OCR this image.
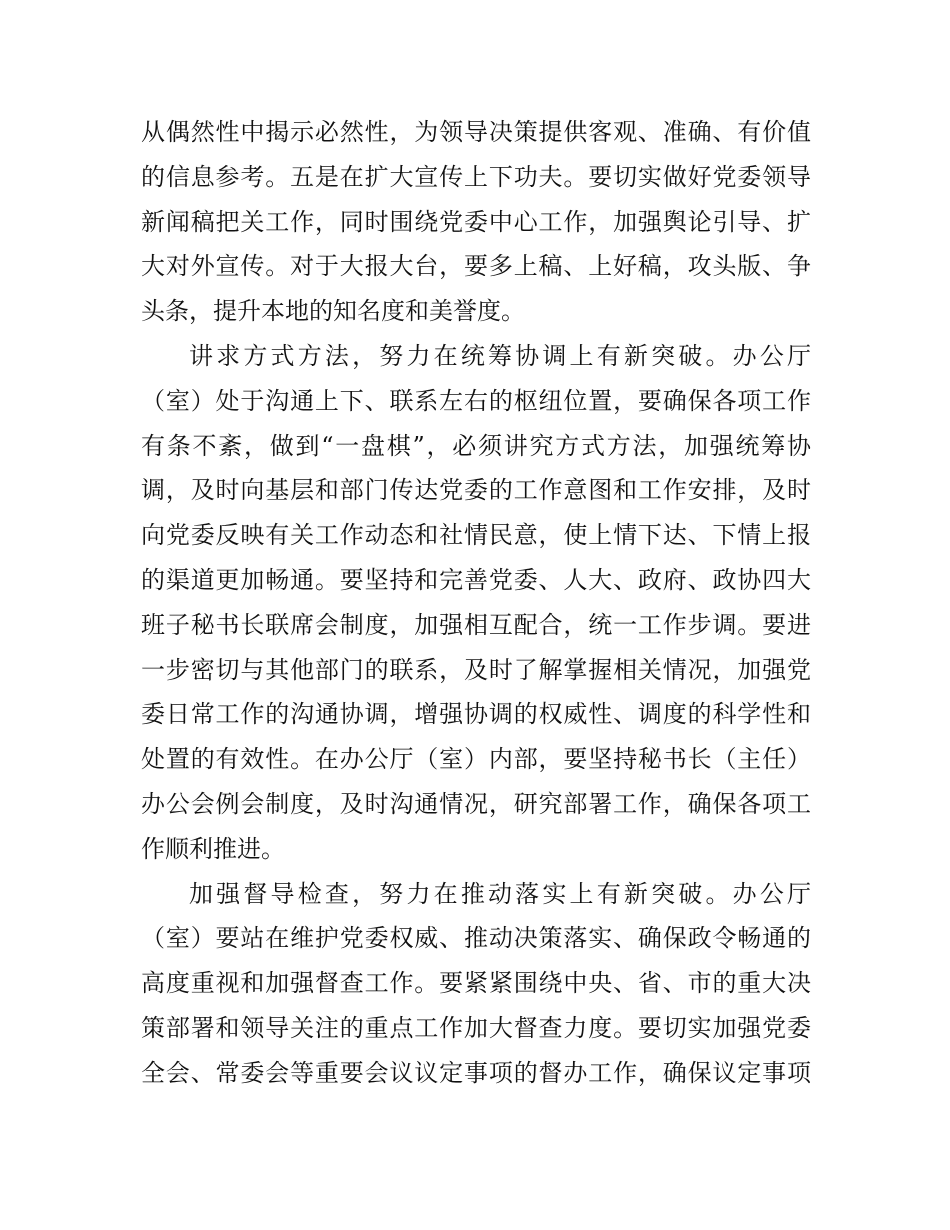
从偶然性中揭示必然性，为领导决策提供客观、准确、有价值
的信息参考。五是在扩大宣传上下功夫。要切实做好党委领导
新闻稿把关工作，同时围绕党委中心工作，加强舆论引导、扩
大对外宣传。对于大报大台，要多上稿、上好稿，攻头版、争
头条，提升本地的知名度和美誉度。
讲求方式方法，努力在统筹协调上有新突破。办公厅
（室）处于沟通上下、联系左右的枢纽位置，要确保各项工作
有条不紊，做到“一盘棋”，必须讲究方式方法，加强统筹协
调，及时向基层和部门传达党委的工作意图和工作安排，及时
向党委反映有关工作动态和社情民意，使上情下达、下情上报
的渠道更加畅通。要坚持和完善党委、人大、政府、政协四大
班子秘书长联席会制度，加强相互配合，统一工作步调。要进
一步密切与其他部门的联系，及时了解掌握相关情况，加强党
委日常工作的沟通协调，增强协调的权威性、调度的科学性和
处置的有效性。在办公厅（室）内部，要坚持秘书长（主任）
办公会例会制度，及时沟通情况，研究部署工作，确保各项工
作顺利推进。
加强督导检查，努力在推动落实上有新突破。办公厅
（室）要站在维护党委权威、推动决策落实、确保政令畅通的
高度重视和加强督查工作。要紧紧围绕中央、省、市的重大决
策部署和领导关注的重点工作加大督查力度。要切实加强党委
全会、常委会等重要会议议定事项的督办工作，确保议定事项
